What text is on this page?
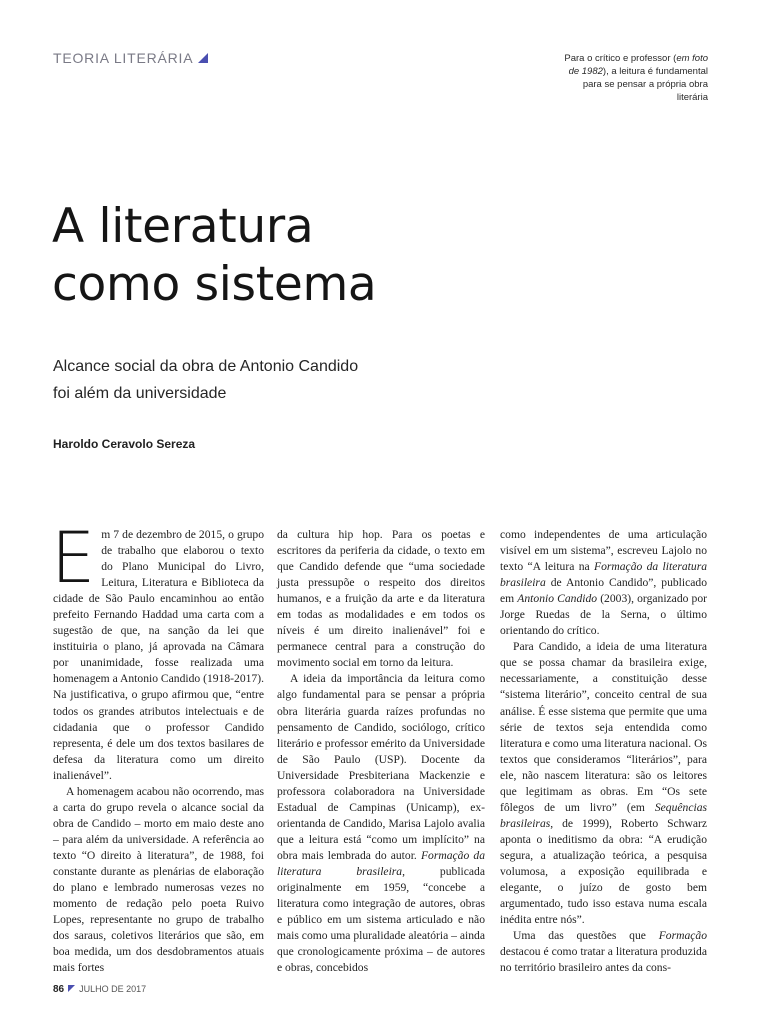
TEORIA LITERÁRIA	Para o crítico e professor (em foto de 1982), a leitura é fundamental para se pensar a própria obra literária
A literatura
como sistema
Alcance social da obra de Antonio Candido
foi além da universidade
Haroldo Ceravolo Sereza

Em 7 de dezembro de 2015, o grupo de trabalho que elaborou o texto do Plano Municipal do Livro, Leitura, Literatura e Biblioteca da cidade de São Paulo encaminhou ao então prefeito Fernando Haddad uma carta com a sugestão de que, na sanção da lei que instituiria o plano, já aprovada na Câmara por unanimidade, fosse realizada uma homenagem a Antonio Candido (1918-2017). Na justificativa, o grupo afirmou que, “entre todos os grandes atributos intelectuais e de cidadania que o professor Candido representa, é dele um dos textos basilares de defesa da literatura como um direito inalienável”.

A homenagem acabou não ocorrendo, mas a carta do grupo revela o alcance social da obra de Candido – morto em maio deste ano – para além da universidade. A referência ao texto “O direito à literatura”, de 1988, foi constante durante as plenárias de elaboração do plano e lembrado numerosas vezes no momento de redação pelo poeta Ruivo Lopes, representante no grupo de trabalho dos saraus, coletivos literários que são, em boa medida, um dos desdobramentos atuais mais fortes

da cultura hip hop. Para os poetas e escritores da periferia da cidade, o texto em que Candido defende que “uma sociedade justa pressupõe o respeito dos direitos humanos, e a fruição da arte e da literatura em todas as modalidades e em todos os níveis é um direito inalienável” foi e permanece central para a construção do movimento social em torno da leitura.

A ideia da importância da leitura como algo fundamental para se pensar a própria obra literária guarda raízes profundas no pensamento de Candido, sociólogo, crítico literário e professor emérito da Universidade de São Paulo (USP). Docente da Universidade Presbiteriana Mackenzie e professora colaboradora na Universidade Estadual de Campinas (Unicamp), ex-orientanda de Candido, Marisa Lajolo avalia que a leitura está “como um implícito” na obra mais lembrada do autor. Formação da literatura brasileira, publicada originalmente em 1959, “concebe a literatura como integração de autores, obras e público em um sistema articulado e não mais como uma pluralidade aleatória – ainda que cronologicamente próxima – de autores e obras, concebidos

como independentes de uma articulação visível em um sistema”, escreveu Lajolo no texto “A leitura na Formação da literatura brasileira de Antonio Candido”, publicado em Antonio Candido (2003), organizado por Jorge Ruedas de la Serna, o último orientando do crítico.

Para Candido, a ideia de uma literatura que se possa chamar da brasileira exige, necessariamente, a constituição desse “sistema literário”, conceito central de sua análise. É esse sistema que permite que uma série de textos seja entendida como literatura e como uma literatura nacional. Os textos que consideramos “literários”, para ele, não nascem literatura: são os leitores que legitimam as obras. Em “Os sete fôlegos de um livro” (em Sequências brasileiras, de 1999), Roberto Schwarz aponta o ineditismo da obra: “A erudição segura, a atualização teórica, a pesquisa volumosa, a exposição equilibrada e elegante, o juízo de gosto bem argumentado, tudo isso estava numa escala inédita entre nós”.

Uma das questões que Formação destacou é como tratar a literatura produzida no território brasileiro antes da cons-

86 JULHO DE 2017
